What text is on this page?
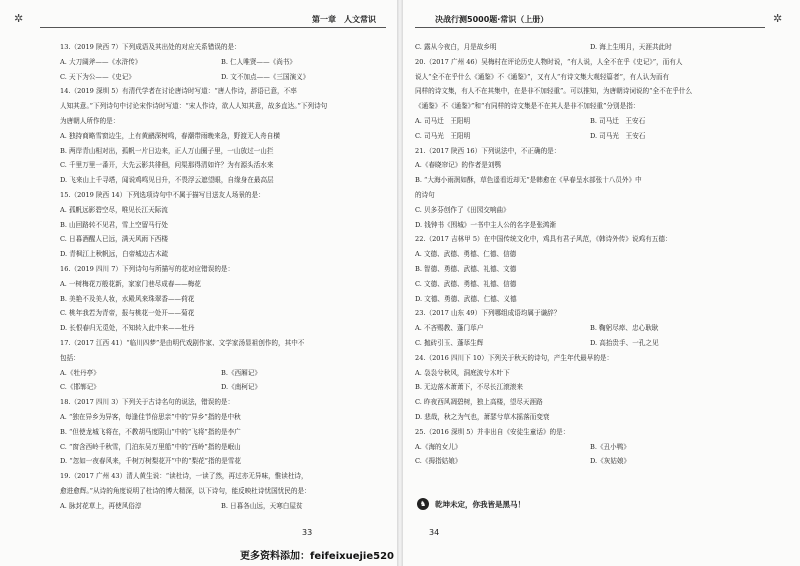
✲	第一章　人文常识
13.（2019 陕西 7）下列成语及其出处的对应关系错误的是：
A. 大刀阔斧——《水浒传》	B. 仁人唯贤——《尚书》
C. 天下为公——《史记》	D. 文不加点——《三国演义》
14.（2019 深圳 5）有清代学者在讨论唐诗时写道：“唐人作诗，辞语已意，不率
人知其意。”下列诗句中讨论宋作诗时写道：“宋人作诗，欲人人知其意，故多直达。”下列诗句
为唐朝人所作的是：
A. 独持商略雪窗边生，上有黄鹂深树鸣，春潮带雨晚来急，野渡无人舟自横
B. 两岸青山相对出，孤帆一片日边来，正人万山圈子里，一山放过一山拦
C. 千里万里一番开，大先云影共徘徊，问渠那得清如许？为有源头活水来
D. 飞来山上千寻塔，闻说鸡鸣见日升，不畏浮云遮望眼，自缘身在最高层
15.（2019 陕西 14）下列选项诗句中不属于描写目送友人场景的是：
A. 孤帆远影碧空尽，唯见长江天际流
B. 山回路转不见君，雪上空留马行处
C. 日暮酒醒人已远，满天风雨下西楼
D. 青枫江上秋帆远，白帝城边古木疏
16.（2019 四川 7）下列诗句与所描写的花对应错误的是：
A. 一树梅花万般花新，家家门巷尽成春——梅花
B. 美艳不及美人妆，水殿风来珠翠香——荷花
C. 桃年我若为青帝，报与桃花一处开——菊花
D. 长恨春归无觅处，不知转入此中来——牡丹
17.（2017 江西 41）“临川四梦”是由明代戏剧作家、文学家汤显祖创作的，其中不
包括：
A.《牡丹亭》	B.《西厢记》
C.《邯郸记》	D.《南柯记》
18.（2017 四川 3）下列关于古诗名句的说法，错误的是：
A. “独在异乡为异客，每逢佳节倍思亲”中的“异乡”指的是中秋
B. “但使龙城飞将在，不教胡马度阴山”中的“飞将”指的是李广
C. “窗含西岭千秋雪，门泊东吴万里船”中的“西岭”指的是岷山
D. “忽如一夜春风来，千树万树梨花开”中的“梨花”指的是雪花
19.（2017 广州 43）清人黄生说：“读杜诗，一读了然，再过亦无异味，惟读杜诗，
愈进愈辉。”从诗的角度说明了杜诗的博大精深，以下诗句，能反映杜诗忧国忧民的是：
A. 脉封花草上，再使风俗淳	B. 日暮各山远，天寒白屋贫
33
✲
决战行测5000题·常识（上册）
C. 露从今夜白，月是故乡明	D. 海上生明月，天涯共此时
20.（2017 广州 46）吴梅村在评论历史人物时说，“有人说，人全不在乎《史记》”，而有人
说人“全不在乎什么《通鉴》不《通鉴》”，又有人“有诗文集大观轻篇者”，有人认为而有
同样的诗文集，有人不在其集中，在是非不加轻重”。可以推知，为唐朝诗词说的“全不在乎什么
《通鉴》不《通鉴》”和“有同样的诗文集是不在其人是非不加轻重”分别是指：
A. 司马迁　王阳明	B. 司马迁　王安石
C. 司马光　王阳明	D. 司马光　王安石
21.（2017 陕西 16）下列说法中，不正确的是：
A.《春晓帘记》的作者是刘鹗
B. “大海小雨润如酥，草色遥看近却无”是韩愈在《早春呈水部张十八员外》中
的诗句
C. 贝多芬创作了《田园交响曲》
D. 钱钟书《围城》一书中主人公的名字是张鸿渐
22.（2017 吉林甲 5）在中国传统文化中，鸡具有君子风范，《韩诗外传》说鸡有五德：
A. 文德、武德、勇德、仁德、信德
B. 智德、勇德、武德、礼德、文德
C. 文德、武德、勇德、礼德、信德
D. 文德、勇德、武德、仁德、义德
23.（2017 山东 49）下列哪组成语均属于谦辞？
A. 不吝赐教、蓬门荜户	B. 鞠躬尽瘁、忠心耿耿
C. 抛砖引玉、蓬荜生辉	D. 高抬贵手、一孔之见
24.（2016 四川下 10）下列关于秋天的诗句，产生年代最早的是：
A. 袅袅兮秋风，洞庭波兮木叶下
B. 无边落木萧萧下，不尽长江滚滚来
C. 昨夜西风凋碧树，独上高楼，望尽天涯路
D. 悲哉，秋之为气也，萧瑟兮草木摇落而变衰
25.（2016 深圳 5）并非出自《安徒生童话》的是：
A.《海的女儿》	B.《丑小鸭》
C.《拇指姑娘》	D.《灰姑娘》
♞	乾坤未定，你我皆是黑马！
34
更多资料添加：feifeixuejie520
